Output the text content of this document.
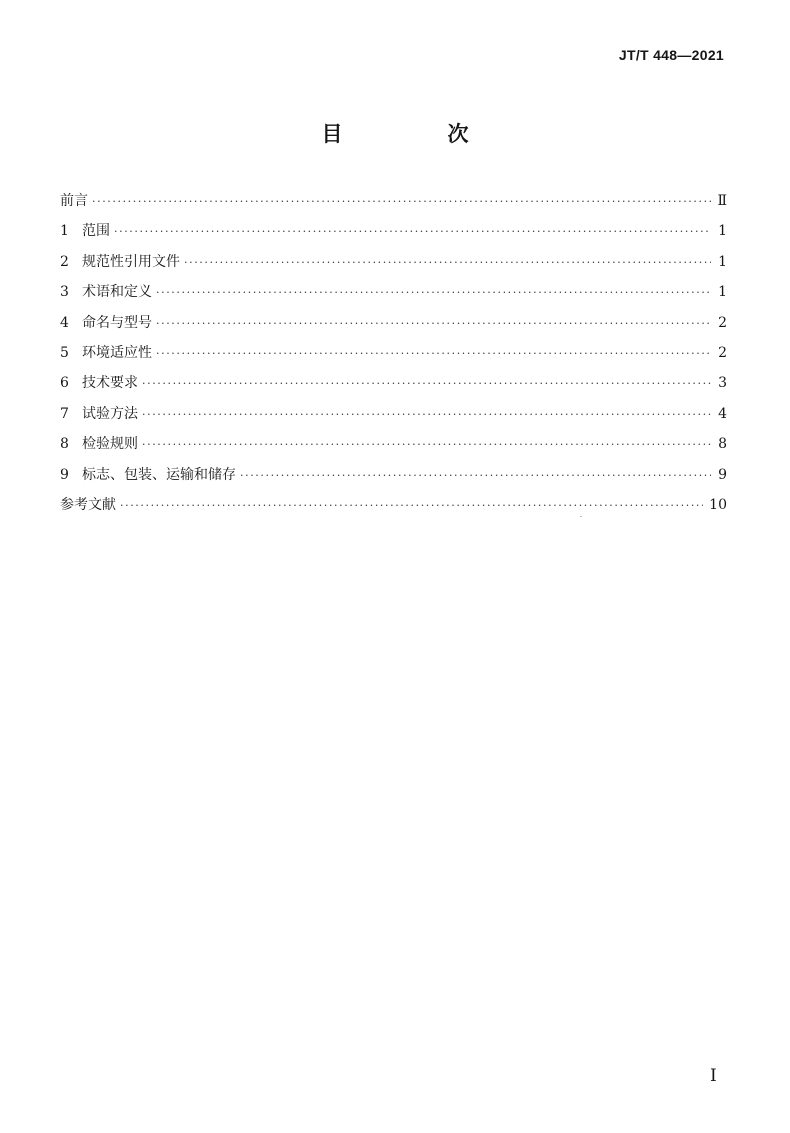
JT/T 448—2021
目　次
前言 ·····	Ⅱ
1 范围 ·····	1
2 规范性引用文件 ·····	1
3 术语和定义 ·····	1
4 命名与型号 ·····	2
5 环境适应性 ·····	2
6 技术要求 ·····	3
7 试验方法 ·····	4
8 检验规则 ·····	8
9 标志、包装、运输和储存 ·····	9
参考文献 ·····	10
Ⅰ
